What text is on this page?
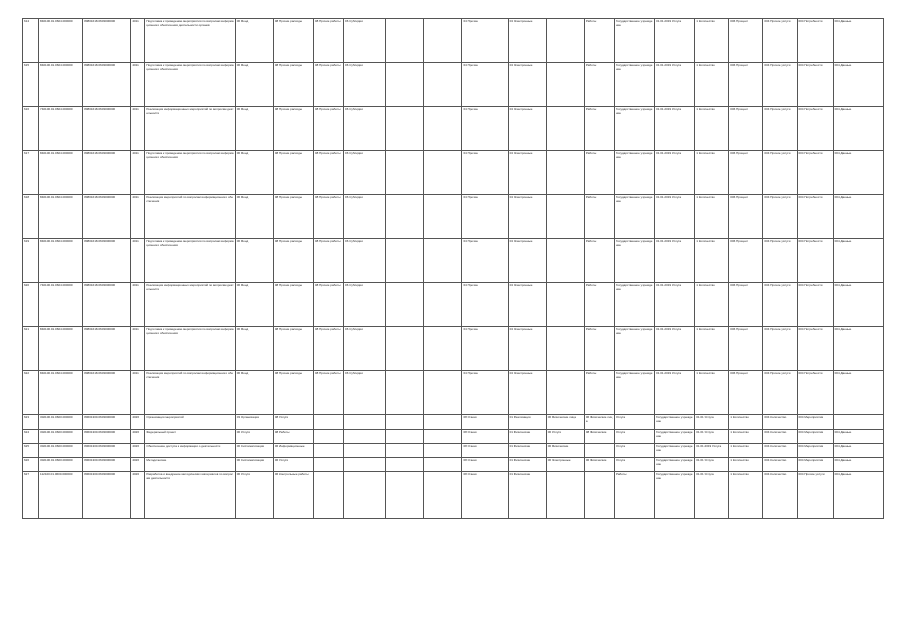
614	840100.01.0604.000000	80801618.0603000000	4011	Подготовка к проведению мероприятия по вопросам информационного обеспечения деятельности органов	06 Фонд	08 Прочие расходы	08 Прочие работы	06 Субсидии			04 Прочие	04 Электронные		Работы	Государственное учреждение	01.01.2019 Услуга	1 Количество	006 Процент	004 Прочие услуги	004 Потребности	004 Данные
615	840100.01.0604.000000	80801618.0603000000	4011	Подготовка к проведению мероприятия по вопросам информационного обеспечения	06 Фонд	08 Прочие расходы	08 Прочие работы	06 Субсидии			04 Прочие	04 Электронные		Работы	Государственное учреждение	01.01.2019 Услуга	1 Количество	006 Процент	004 Прочие услуги	004 Потребности	004 Данные
616	740100.01.0604.000000	80801618.0603000000	4011	Реализация информационных мероприятий по вопросам деятельности	06 Фонд	08 Прочие расходы	08 Прочие работы	06 Субсидии			04 Прочие	04 Электронные		Работы	Государственное учреждение	01.01.2019 Услуга	1 Количество	006 Процент	004 Прочие услуги	004 Потребности	004 Данные
617	840100.01.0604.000000	80801618.0603000000	4011	Подготовка к проведению мероприятия по вопросам информационного обеспечения	06 Фонд	08 Прочие расходы	08 Прочие работы	06 Субсидии			04 Прочие	04 Электронные		Работы	Государственное учреждение	01.01.2019 Услуга	1 Количество	006 Процент	004 Прочие услуги	004 Потребности	004 Данные
618	840100.01.0604.000000	80801618.0603000000	4011	Реализация мероприятий по вопросам информационного обеспечения	06 Фонд	08 Прочие расходы	08 Прочие работы	06 Субсидии			04 Прочие	04 Электронные		Работы	Государственное учреждение	01.01.2019 Услуга	1 Количество	006 Процент	004 Прочие услуги	004 Потребности	004 Данные
619	840100.01.0604.000000	80801618.0603000000	4011	Подготовка к проведению мероприятия по вопросам информационного обеспечения	06 Фонд	08 Прочие расходы	08 Прочие работы	06 Субсидии			04 Прочие	04 Электронные		Работы	Государственное учреждение	01.01.2019 Услуга	1 Количество	006 Процент	004 Прочие услуги	004 Потребности	004 Данные
620	740100.01.0604.000000	80801618.0603000000	4011	Реализация информационных мероприятий по вопросам деятельности	06 Фонд	08 Прочие расходы	08 Прочие работы	06 Субсидии			04 Прочие	04 Электронные		Работы	Государственное учреждение	01.01.2019 Услуга	1 Количество	006 Процент	004 Прочие услуги	004 Потребности	004 Данные
621	840100.01.0604.000000	80801618.0603000000	4011	Подготовка к проведению мероприятия по вопросам информационного обеспечения	06 Фонд	08 Прочие расходы	08 Прочие работы	06 Субсидии			04 Прочие	04 Электронные		Работы	Государственное учреждение	01.01.2019 Услуга	1 Количество	006 Процент	004 Прочие услуги	004 Потребности	004 Данные
622	840100.01.0604.000000	80801618.0603000000	4011	Реализация мероприятий по вопросам информационного обеспечения	06 Фонд	08 Прочие расходы	08 Прочие работы	06 Субсидии			04 Прочие	04 Электронные		Работы	Государственное учреждение	01.01.2019 Услуга	1 Количество	006 Процент	004 Прочие услуги	004 Потребности	004 Данные
623	302100.01.0600.000000	80601300.0603000000	4026	Организация мероприятий	03 Организация	08 Услуги					08 Очная	01 Реализация	06 Физические лица	06 Физические лица	Услуга	Государственное учреждение	01.01 Услуга	1 Количество	004 Количество	004 Мероприятия	
624	302100.01.0600.000000	80601300.0603000000	4026	Федеральный проект	06 Услуги	08 Работы					08 Очная	01 Физические	06 Услуги	08 Физические	Услуга	Государственное учреждение	01.01 Услуга	1 Количество	004 Количество	004 Мероприятия	004 Данные
625	302100.01.0600.000000	80601300.0603000000	4026	Обеспечение доступа к информации о деятельности	06 Систематизация	06 Информационные					08 Очная	01 Физические	06 Физические		Услуга	Государственное учреждение	01.01.2019 Услуга	1 Количество	004 Количество	004 Мероприятия	004 Данные
626	302100.01.0600.000000	80601300.0603000000	4026	Методические	06 Систематизация	06 Услуги					08 Очная	01 Физические	06 Электронные	06 Физические	Услуга	Государственное учреждение	01.01 Услуга	1 Количество	004 Количество	004 Мероприятия	004 Данные
627	112100.01.0600.000000	80601300.0603000000	4026	Разработка и внедрение методических материалов по вопросам деятельности	06 Услуги	06 Контрольные работы					08 Очная	01 Физические			Работы	Государственное учреждение	01.01 Услуга	1 Количество	004 Количество	004 Прочие услуги	004 Данные
